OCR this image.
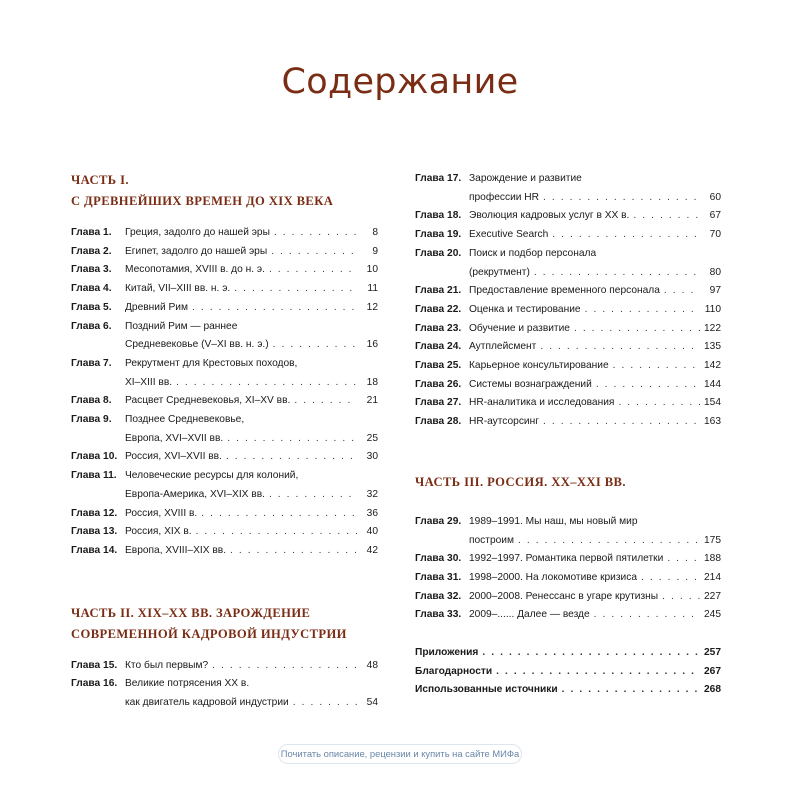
Содержание
ЧАСТЬ I.
С ДРЕВНЕЙШИХ ВРЕМЕН ДО XIX ВЕКА
Глава 1.	Греция, задолго до нашей эры . . .	8
Глава 2.	Египет, задолго до нашей эры . . .	9
Глава 3.	Месопотамия, XVIII в. до н. э. . . .	10
Глава 4.	Китай, VII–XIII вв. н. э. . . .	11
Глава 5.	Древний Рим . . .	12
Глава 6.	Поздний Рим — раннее
Средневековье (V–XI вв. н. э.) . . .	16
Глава 7.	Рекрутмент для Крестовых походов,
XI–XIII вв. . . .	18
Глава 8.	Расцвет Средневековья, XI–XV вв. . . .	21
Глава 9.	Позднее Средневековье,
Европа, XVI–XVII вв. . . .	25
Глава 10. Россия, XVI–XVII вв. . . .	30
Глава 11. Человеческие ресурсы для колоний,
Европа-Америка, XVI–XIX вв. . . .	32
Глава 12. Россия, XVIII в. . . .	36
Глава 13. Россия, XIX в. . . .	40
Глава 14. Европа, XVIII–XIX вв. . . .	42
ЧАСТЬ II. XIX–XX ВВ. ЗАРОЖДЕНИЕ
СОВРЕМЕННОЙ КАДРОВОЙ ИНДУСТРИИ
Глава 15. Кто был первым? . . .	48
Глава 16. Великие потрясения XX в.
как двигатель кадровой индустрии . . .	54
Глава 17. Зарождение и развитие
профессии HR . . .	60
Глава 18. Эволюция кадровых услуг в XX в. . . .	67
Глава 19. Executive Search . . .	70
Глава 20. Поиск и подбор персонала
(рекрутмент) . . .	80
Глава 21. Предоставление временного персонала . . .	97
Глава 22. Оценка и тестирование . . .	110
Глава 23. Обучение и развитие . . .	122
Глава 24. Аутплейсмент . . .	135
Глава 25. Карьерное консультирование . . .	142
Глава 26. Системы вознаграждений . . .	144
Глава 27. HR-аналитика и исследования . . .	154
Глава 28. HR-аутсорсинг . . .	163
ЧАСТЬ III. РОССИЯ. XX–XXI ВВ.
Глава 29. 1989–1991. Мы наш, мы новый мир
построим . . .	175
Глава 30. 1992–1997. Романтика первой пятилетки . . .	188
Глава 31. 1998–2000. На локомотиве кризиса . . .	214
Глава 32. 2000–2008. Ренессанс в угаре крутизны . . .	227
Глава 33. 2009–...... Далее — везде . . .	245
Приложения . . .	257
Благодарности . . .	267
Использованные источники . . .	268
Почитать описание, рецензии и купить на сайте МИФа
